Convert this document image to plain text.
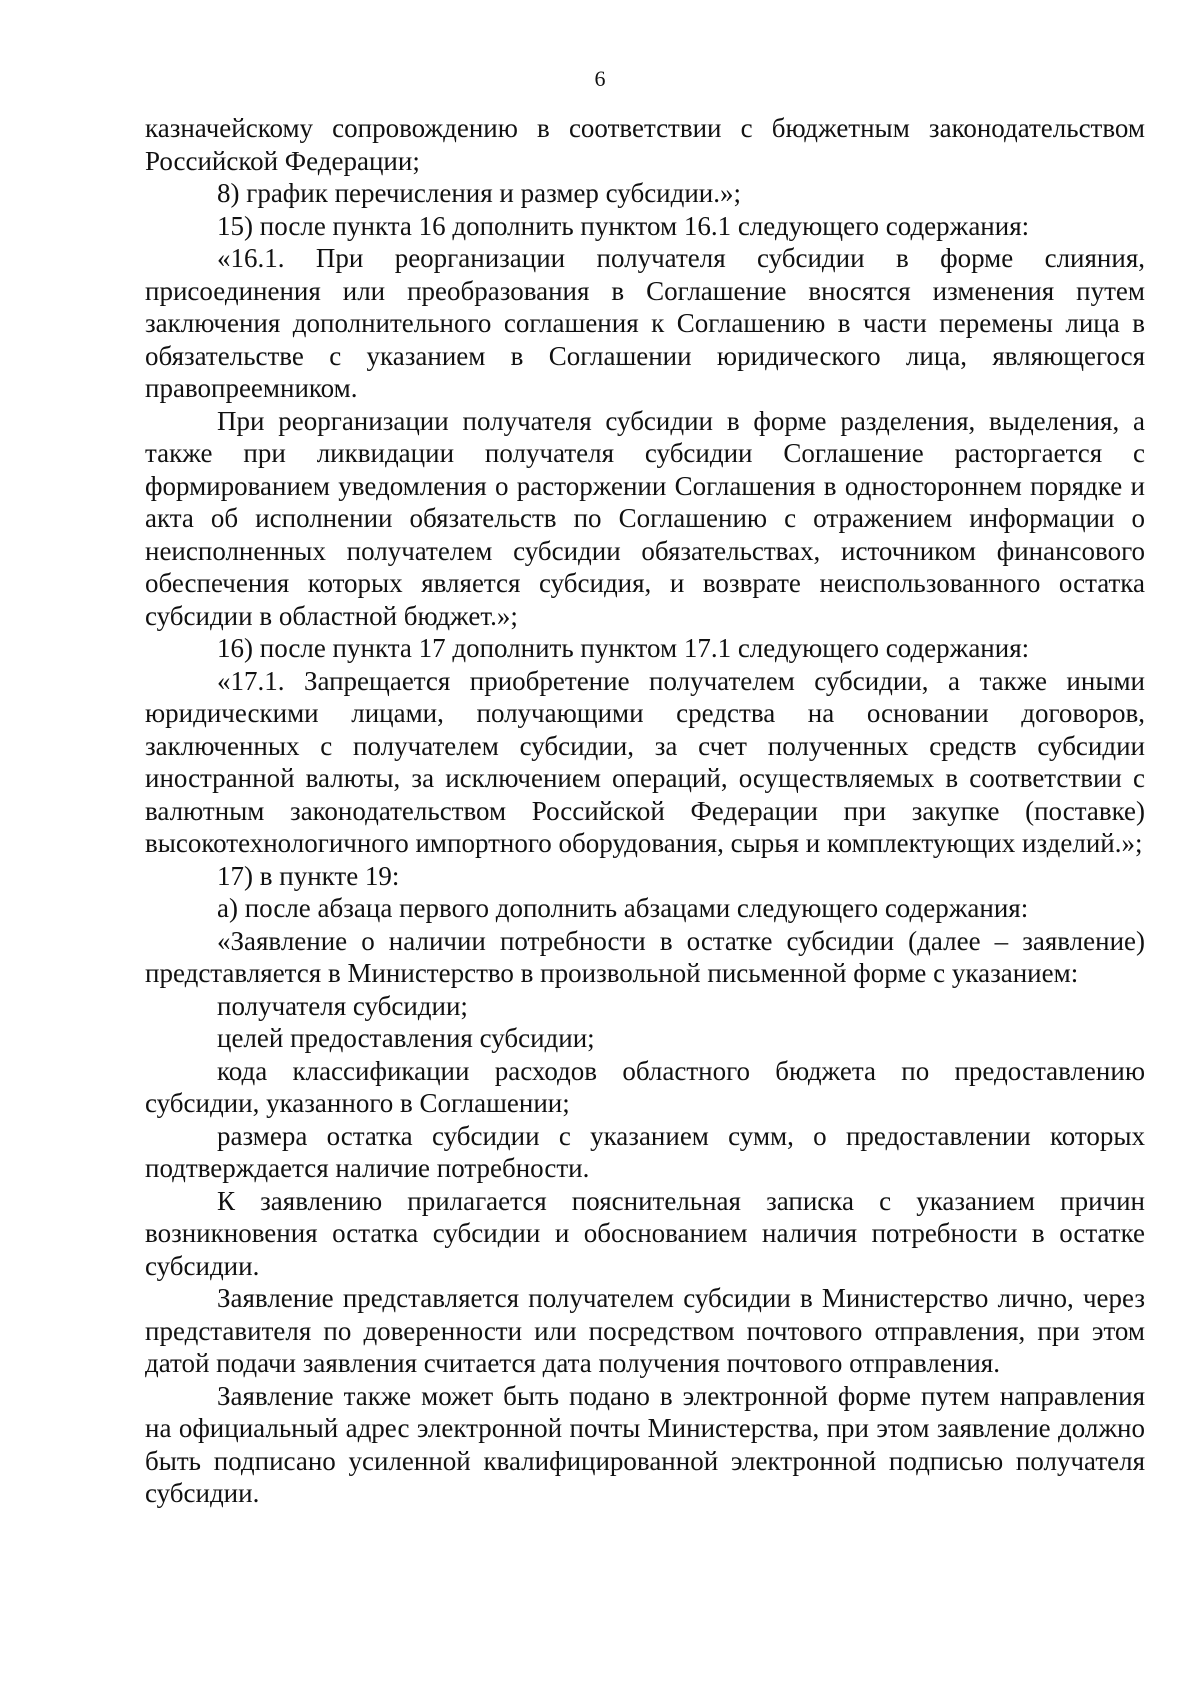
6

казначейскому сопровождению в соответствии с бюджетным законодательством Российской Федерации;

8) график перечисления и размер субсидии.»;

15) после пункта 16 дополнить пунктом 16.1 следующего содержания:

«16.1. При реорганизации получателя субсидии в форме слияния, присоединения или преобразования в Соглашение вносятся изменения путем заключения дополнительного соглашения к Соглашению в части перемены лица в обязательстве с указанием в Соглашении юридического лица, являющегося правопреемником.

При реорганизации получателя субсидии в форме разделения, выделения, а также при ликвидации получателя субсидии Соглашение расторгается с формированием уведомления о расторжении Соглашения в одностороннем порядке и акта об исполнении обязательств по Соглашению с отражением информации о неисполненных получателем субсидии обязательствах, источником финансового обеспечения которых является субсидия, и возврате неиспользованного остатка субсидии в областной бюджет.»;

16) после пункта 17 дополнить пунктом 17.1 следующего содержания:

«17.1. Запрещается приобретение получателем субсидии, а также иными юридическими лицами, получающими средства на основании договоров, заключенных с получателем субсидии, за счет полученных средств субсидии иностранной валюты, за исключением операций, осуществляемых в соответствии с валютным законодательством Российской Федерации при закупке (поставке) высокотехнологичного импортного оборудования, сырья и комплектующих изделий.»;

17) в пункте 19:

а) после абзаца первого дополнить абзацами следующего содержания:

«Заявление о наличии потребности в остатке субсидии (далее – заявление) представляется в Министерство в произвольной письменной форме с указанием:

получателя субсидии;

целей предоставления субсидии;

кода классификации расходов областного бюджета по предоставлению субсидии, указанного в Соглашении;

размера остатка субсидии с указанием сумм, о предоставлении которых подтверждается наличие потребности.

К заявлению прилагается пояснительная записка с указанием причин возникновения остатка субсидии и обоснованием наличия потребности в остатке субсидии.

Заявление представляется получателем субсидии в Министерство лично, через представителя по доверенности или посредством почтового отправления, при этом датой подачи заявления считается дата получения почтового отправления.

Заявление также может быть подано в электронной форме путем направления на официальный адрес электронной почты Министерства, при этом заявление должно быть подписано усиленной квалифицированной электронной подписью получателя субсидии.
